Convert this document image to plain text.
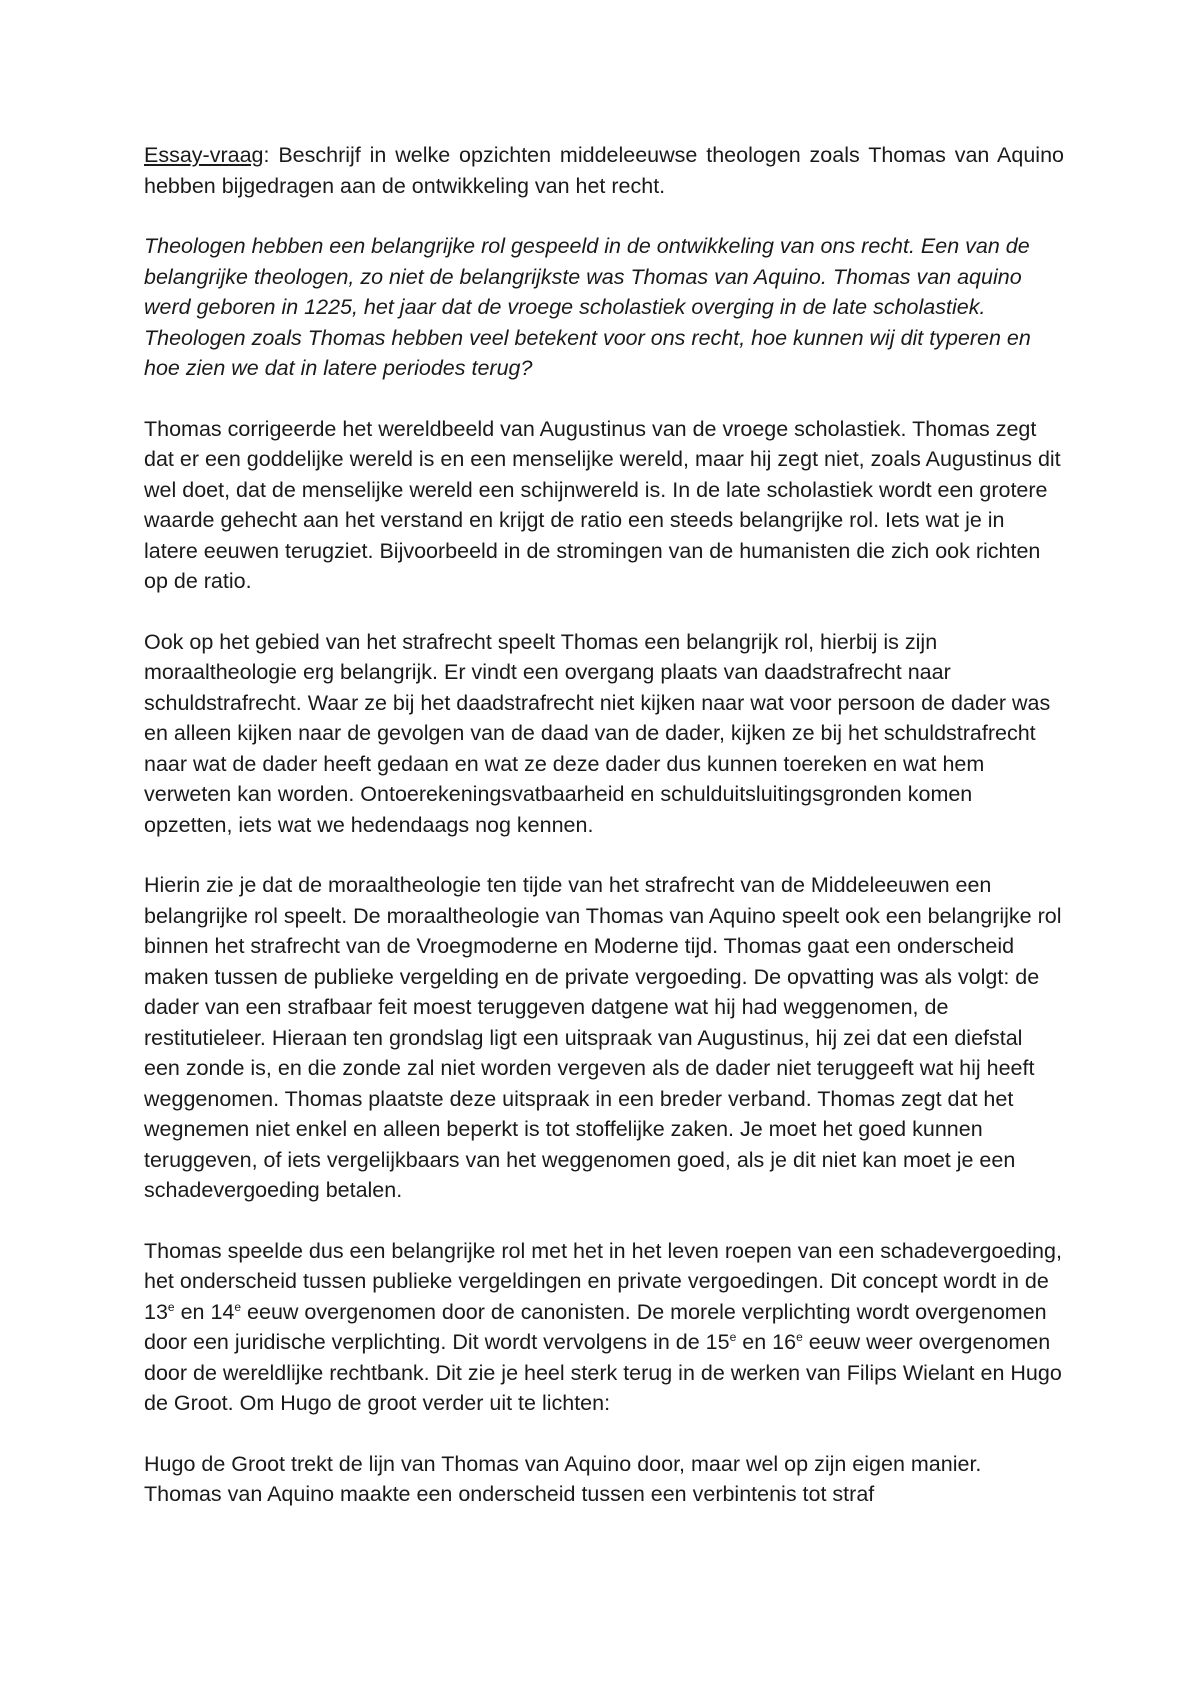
Essay-vraag: Beschrijf in welke opzichten middeleeuwse theologen zoals Thomas van Aquino hebben bijgedragen aan de ontwikkeling van het recht.

Theologen hebben een belangrijke rol gespeeld in de ontwikkeling van ons recht. Een van de belangrijke theologen, zo niet de belangrijkste was Thomas van Aquino. Thomas van aquino werd geboren in 1225, het jaar dat de vroege scholastiek overging in de late scholastiek. Theologen zoals Thomas hebben veel betekent voor ons recht, hoe kunnen wij dit typeren en hoe zien we dat in latere periodes terug?

Thomas corrigeerde het wereldbeeld van Augustinus van de vroege scholastiek. Thomas zegt dat er een goddelijke wereld is en een menselijke wereld, maar hij zegt niet, zoals Augustinus dit wel doet, dat de menselijke wereld een schijnwereld is. In de late scholastiek wordt een grotere waarde gehecht aan het verstand en krijgt de ratio een steeds belangrijke rol. Iets wat je in latere eeuwen terugziet. Bijvoorbeeld in de stromingen van de humanisten die zich ook richten op de ratio.

Ook op het gebied van het strafrecht speelt Thomas een belangrijk rol, hierbij is zijn moraaltheologie erg belangrijk. Er vindt een overgang plaats van daadstrafrecht naar schuldstrafrecht. Waar ze bij het daadstrafrecht niet kijken naar wat voor persoon de dader was en alleen kijken naar de gevolgen van de daad van de dader, kijken ze bij het schuldstrafrecht naar wat de dader heeft gedaan en wat ze deze dader dus kunnen toereken en wat hem verweten kan worden. Ontoerekeningsvatbaarheid en schulduitsluitingsgronden komen opzetten, iets wat we hedendaags nog kennen.

Hierin zie je dat de moraaltheologie ten tijde van het strafrecht van de Middeleeuwen een belangrijke rol speelt. De moraaltheologie van Thomas van Aquino speelt ook een belangrijke rol binnen het strafrecht van de Vroegmoderne en Moderne tijd. Thomas gaat een onderscheid maken tussen de publieke vergelding en de private vergoeding. De opvatting was als volgt: de dader van een strafbaar feit moest teruggeven datgene wat hij had weggenomen, de restitutieleer. Hieraan ten grondslag ligt een uitspraak van Augustinus, hij zei dat een diefstal een zonde is, en die zonde zal niet worden vergeven als de dader niet teruggeeft wat hij heeft weggenomen. Thomas plaatste deze uitspraak in een breder verband. Thomas zegt dat het wegnemen niet enkel en alleen beperkt is tot stoffelijke zaken. Je moet het goed kunnen teruggeven, of iets vergelijkbaars van het weggenomen goed, als je dit niet kan moet je een schadevergoeding betalen.

Thomas speelde dus een belangrijke rol met het in het leven roepen van een schadevergoeding, het onderscheid tussen publieke vergeldingen en private vergoedingen. Dit concept wordt in de 13e en 14e eeuw overgenomen door de canonisten. De morele verplichting wordt overgenomen door een juridische verplichting. Dit wordt vervolgens in de 15e en 16e eeuw weer overgenomen door de wereldlijke rechtbank. Dit zie je heel sterk terug in de werken van Filips Wielant en Hugo de Groot. Om Hugo de groot verder uit te lichten:

Hugo de Groot trekt de lijn van Thomas van Aquino door, maar wel op zijn eigen manier. Thomas van Aquino maakte een onderscheid tussen een verbintenis tot straf
